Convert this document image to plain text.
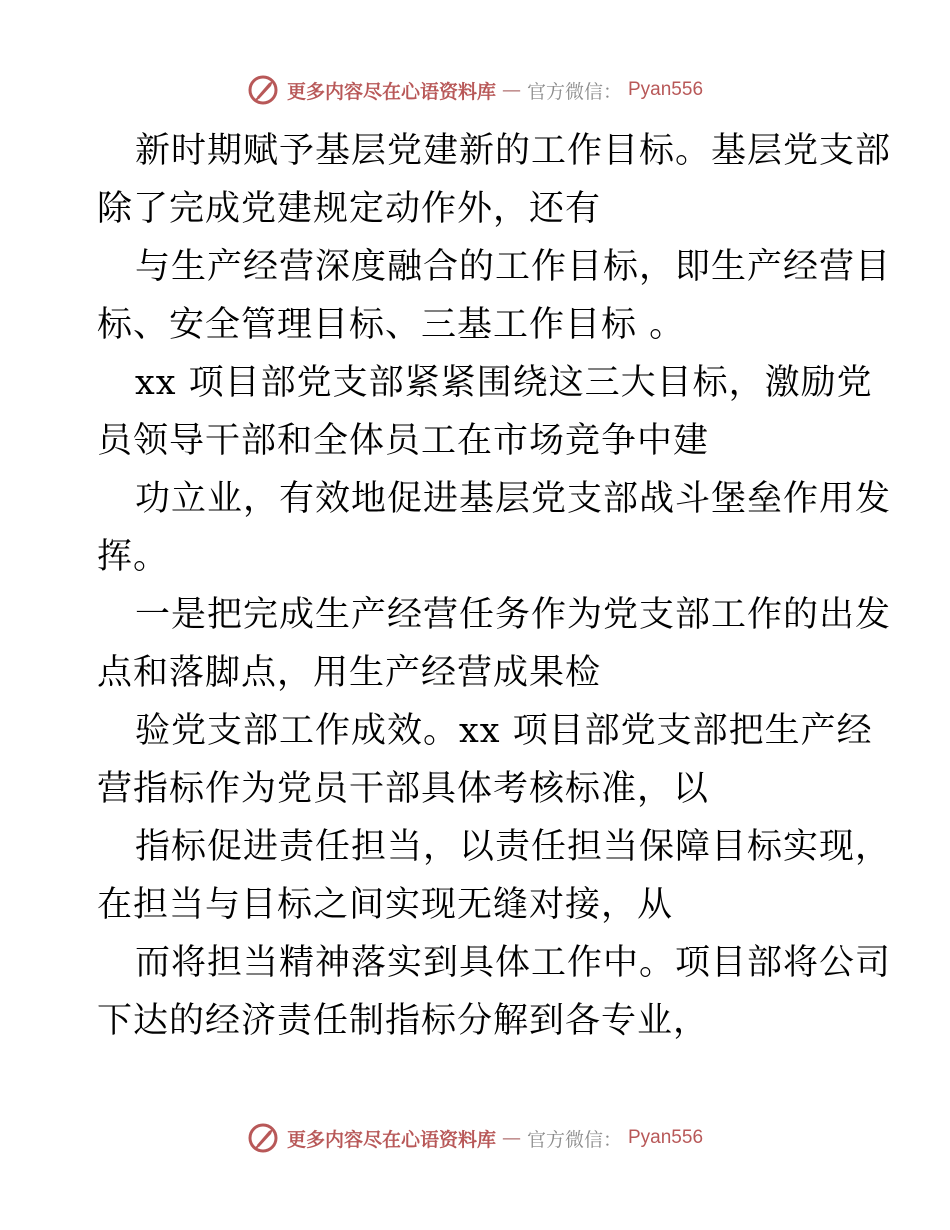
更多内容尽在心语资料库 — 官方微信： Pyan556
新时期赋予基层党建新的工作目标。基层党支部
除了完成党建规定动作外，还有
与生产经营深度融合的工作目标，即生产经营目
标、安全管理目标、三基工作目标 。
xx 项目部党支部紧紧围绕这三大目标，激励党
员领导干部和全体员工在市场竞争中建
功立业，有效地促进基层党支部战斗堡垒作用发
挥。
一是把完成生产经营任务作为党支部工作的出发
点和落脚点，用生产经营成果检
验党支部工作成效。xx 项目部党支部把生产经
营指标作为党员干部具体考核标准，以
指标促进责任担当，以责任担当保障目标实现，
在担当与目标之间实现无缝对接，从
而将担当精神落实到具体工作中。项目部将公司
下达的经济责任制指标分解到各专业，
更多内容尽在心语资料库 — 官方微信： Pyan556
